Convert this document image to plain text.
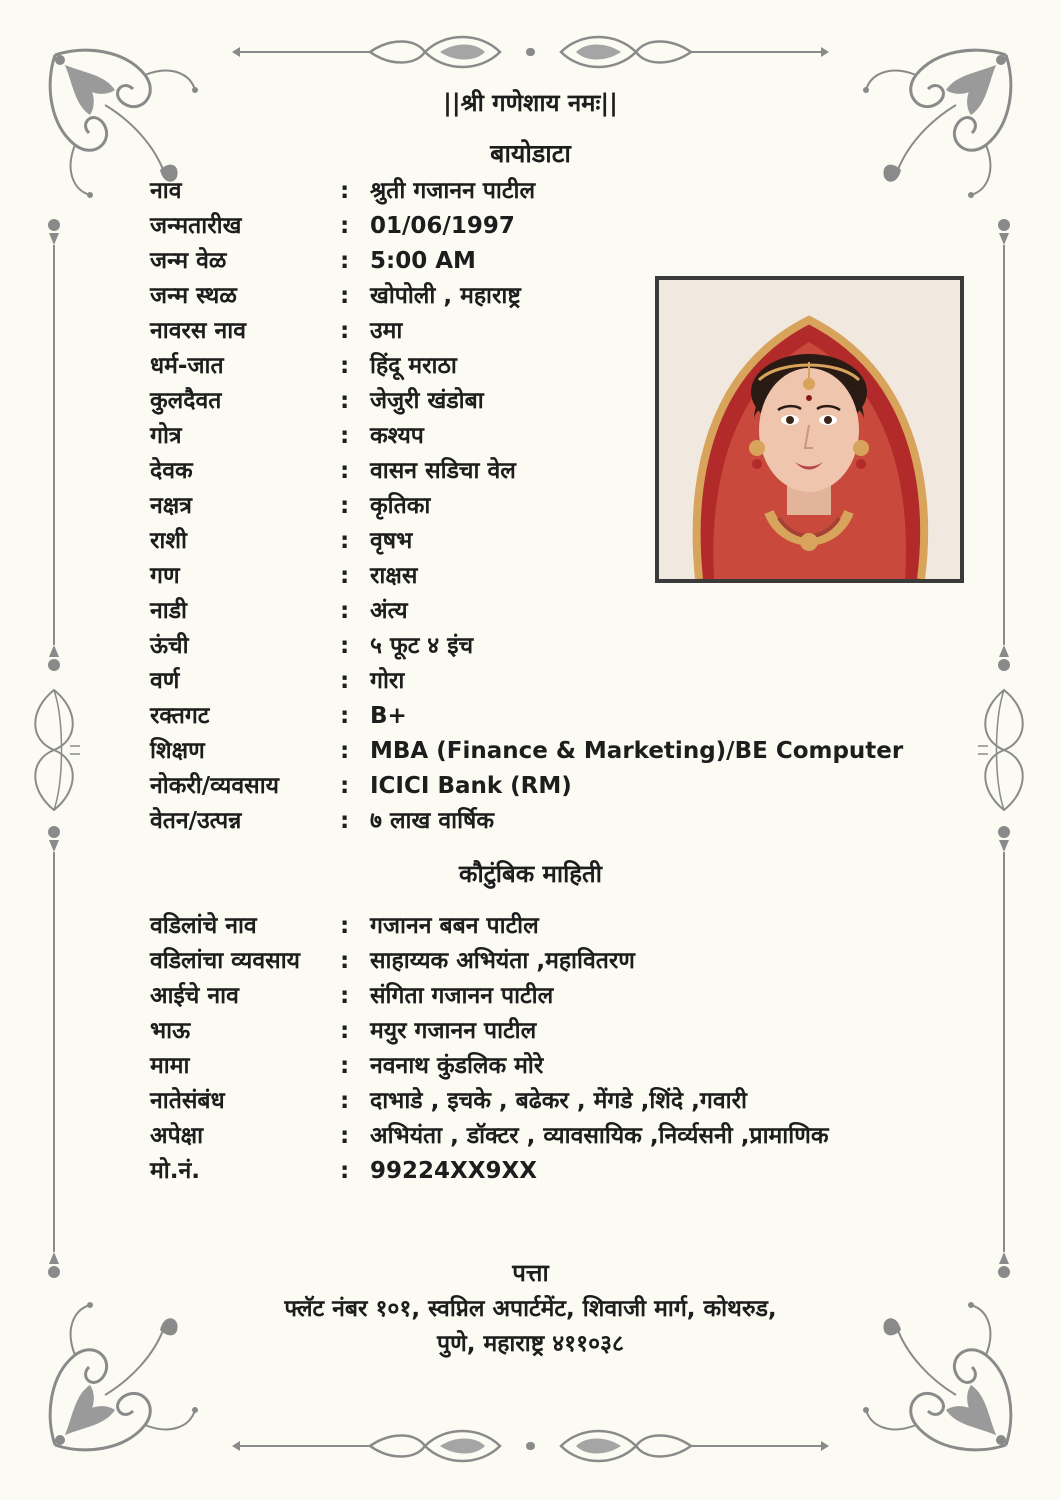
||श्री गणेशाय नमः||
बायोडाटा
नाव	: श्रुती गजानन पाटील
जन्मतारीख	: 01/06/1997
जन्म वेळ	: 5:00 AM
जन्म स्थळ	: खोपोली , महाराष्ट्र
नावरस नाव	: उमा
धर्म-जात	: हिंदू मराठा
कुलदैवत	: जेजुरी खंडोबा
गोत्र	: कश्यप
देवक	: वासन सडिचा वेल
नक्षत्र	: कृतिका
राशी	: वृषभ
गण	: राक्षस
नाडी	: अंत्य
ऊंची	: ५ फूट ४ इंच
वर्ण	: गोरा
रक्तगट	: B+
शिक्षण	: MBA (Finance & Marketing)/BE Computer
नोकरी/व्यवसाय	: ICICI Bank (RM)
वेतन/उत्पन्न	: ७ लाख वार्षिक
कौटुंबिक माहिती
वडिलांचे नाव	: गजानन बबन पाटील
वडिलांचा व्यवसाय : साहाय्यक अभियंता ,महावितरण
आईचे नाव	: संगिता गजानन पाटील
भाऊ	: मयुर गजानन पाटील
मामा	: नवनाथ कुंडलिक मोरे
नातेसंबंध	: दाभाडे , इचके , बढेकर , मेंगडे ,शिंदे ,गवारी
अपेक्षा	: अभियंता , डॉक्टर , व्यावसायिक ,निर्व्यसनी ,प्रामाणिक
मो.नं.	: 99224XX9XX
पत्ता
फ्लॅट नंबर १०१, स्वप्निल अपार्टमेंट, शिवाजी मार्ग, कोथरुड,
पुणे, महाराष्ट्र ४११०३८
